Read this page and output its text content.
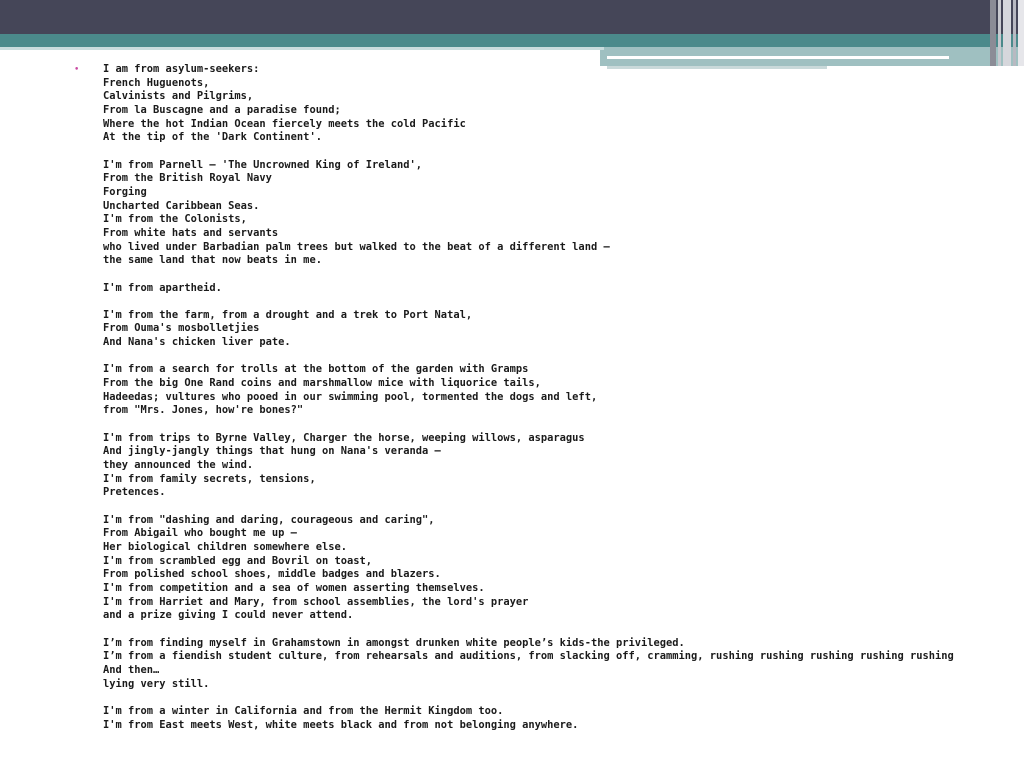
• I am from asylum-seekers:
French Huguenots,
Calvinists and Pilgrims,
From la Buscagne and a paradise found;
Where the hot Indian Ocean fiercely meets the cold Pacific
At the tip of the 'Dark Continent'.

I'm from Parnell – 'The Uncrowned King of Ireland',
From the British Royal Navy
Forging
Uncharted Caribbean Seas.
I'm from the Colonists,
From white hats and servants
who lived under Barbadian palm trees but walked to the beat of a different land –
the same land that now beats in me.

I'm from apartheid.

I'm from the farm, from a drought and a trek to Port Natal,
From Ouma's mosbolletjies
And Nana's chicken liver pate.

I'm from a search for trolls at the bottom of the garden with Gramps
From the big One Rand coins and marshmallow mice with liquorice tails,
Hadeedas; vultures who pooed in our swimming pool, tormented the dogs and left,
from "Mrs. Jones, how're bones?"

I'm from trips to Byrne Valley, Charger the horse, weeping willows, asparagus
And jingly-jangly things that hung on Nana's veranda –
they announced the wind.
I'm from family secrets, tensions,
Pretences.

I'm from "dashing and daring, courageous and caring",
From Abigail who bought me up –
Her biological children somewhere else.
I'm from scrambled egg and Bovril on toast,
From polished school shoes, middle badges and blazers.
I'm from competition and a sea of women asserting themselves.
I'm from Harriet and Mary, from school assemblies, the lord's prayer
and a prize giving I could never attend.

I’m from finding myself in Grahamstown in amongst drunken white people’s kids-the privileged.
I’m from a fiendish student culture, from rehearsals and auditions, from slacking off, cramming, rushing rushing rushing rushing rushing
And then…
lying very still.

I'm from a winter in California and from the Hermit Kingdom too.
I'm from East meets West, white meets black and from not belonging anywhere.
